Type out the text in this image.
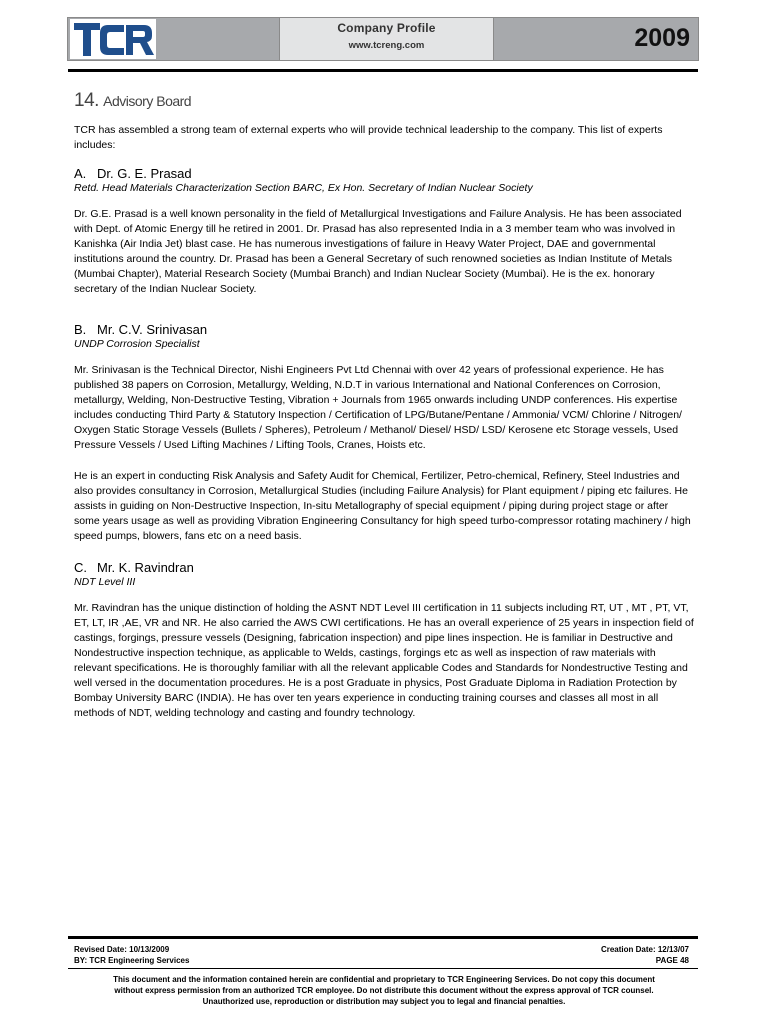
Company Profile
www.tcreng.com	2009
14. Advisory Board

TCR has assembled a strong team of external experts who will provide technical leadership to the company. This list of experts includes:

A. Dr. G. E. Prasad
Retd. Head Materials Characterization Section BARC, Ex Hon. Secretary of Indian Nuclear Society

Dr. G.E. Prasad is a well known personality in the field of Metallurgical Investigations and Failure Analysis. He has been associated with Dept. of Atomic Energy till he retired in 2001. Dr. Prasad has also represented India in a 3 member team who was involved in Kanishka (Air India Jet) blast case. He has numerous investigations of failure in Heavy Water Project, DAE and governmental institutions around the country. Dr. Prasad has been a General Secretary of such renowned societies as Indian Institute of Metals (Mumbai Chapter), Material Research Society (Mumbai Branch) and Indian Nuclear Society (Mumbai). He is the ex. honorary secretary of the Indian Nuclear Society.

B. Mr. C.V. Srinivasan
UNDP Corrosion Specialist

Mr. Srinivasan is the Technical Director, Nishi Engineers Pvt Ltd Chennai with over 42 years of professional experience. He has published 38 papers on Corrosion, Metallurgy, Welding, N.D.T in various International and National Conferences on Corrosion, metallurgy, Welding, Non-Destructive Testing, Vibration + Journals from 1965 onwards including UNDP conferences. His expertise includes conducting Third Party & Statutory Inspection / Certification of LPG/Butane/Pentane / Ammonia/ VCM/ Chlorine / Nitrogen/ Oxygen Static Storage Vessels (Bullets / Spheres), Petroleum / Methanol/ Diesel/ HSD/ LSD/ Kerosene etc Storage vessels, Used Pressure Vessels / Used Lifting Machines / Lifting Tools, Cranes, Hoists etc.

He is an expert in conducting Risk Analysis and Safety Audit for Chemical, Fertilizer, Petro-chemical, Refinery, Steel Industries and also provides consultancy in Corrosion, Metallurgical Studies (including Failure Analysis) for Plant equipment / piping etc failures. He assists in guiding on Non-Destructive Inspection, In-situ Metallography of special equipment / piping during project stage or after some years usage as well as providing Vibration Engineering Consultancy for high speed turbo-compressor rotating machinery / high speed pumps, blowers, fans etc on a need basis.

C. Mr. K. Ravindran
NDT Level III

Mr. Ravindran has the unique distinction of holding the ASNT NDT Level III certification in 11 subjects including RT, UT , MT , PT, VT, ET, LT, IR ,AE, VR and NR. He also carried the AWS CWI certifications. He has an overall experience of 25 years in inspection field of castings, forgings, pressure vessels (Designing, fabrication inspection) and pipe lines inspection. He is familiar in Destructive and Nondestructive inspection technique, as applicable to Welds, castings, forgings etc as well as inspection of raw materials with relevant specifications. He is thoroughly familiar with all the relevant applicable Codes and Standards for Nondestructive Testing and well versed in the documentation procedures. He is a post Graduate in physics, Post Graduate Diploma in Radiation Protection by Bombay University BARC (INDIA). He has over ten years experience in conducting training courses and classes all most in all methods of NDT, welding technology and casting and foundry technology.

Revised Date: 10/13/2009	Creation Date: 12/13/07
BY: TCR Engineering Services	PAGE 48
This document and the information contained herein are confidential and proprietary to TCR Engineering Services. Do not copy this document
without express permission from an authorized TCR employee. Do not distribute this document without the express approval of TCR counsel.
Unauthorized use, reproduction or distribution may subject you to legal and financial penalties.
